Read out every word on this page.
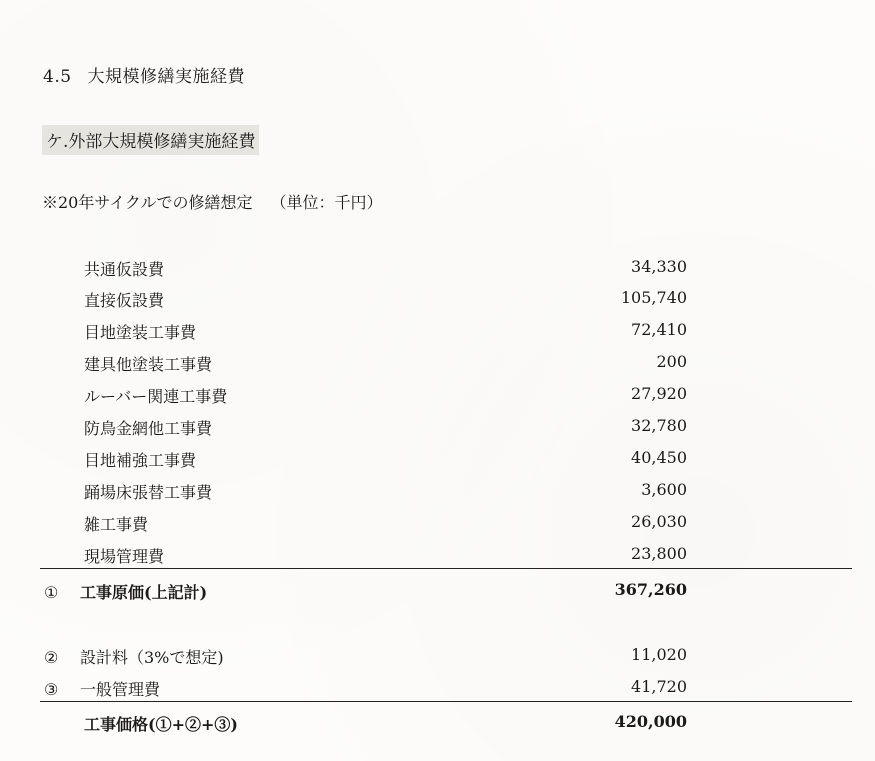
4.5 大規模修繕実施経費
ケ.外部大規模修繕実施経費
※20年サイクルでの修繕想定 （単位：千円）
共通仮設費	34,330
直接仮設費	105,740
目地塗装工事費	72,410
建具他塗装工事費	200
ルーバー関連工事費	27,920
防鳥金網他工事費	32,780
目地補強工事費	40,450
踊場床張替工事費	3,600
雑工事費	26,030
現場管理費	23,800
① 工事原価(上記計)	367,260
② 設計料（3%で想定)	11,020
③ 一般管理費	41,720
工事価格(①+②+③)	420,000
